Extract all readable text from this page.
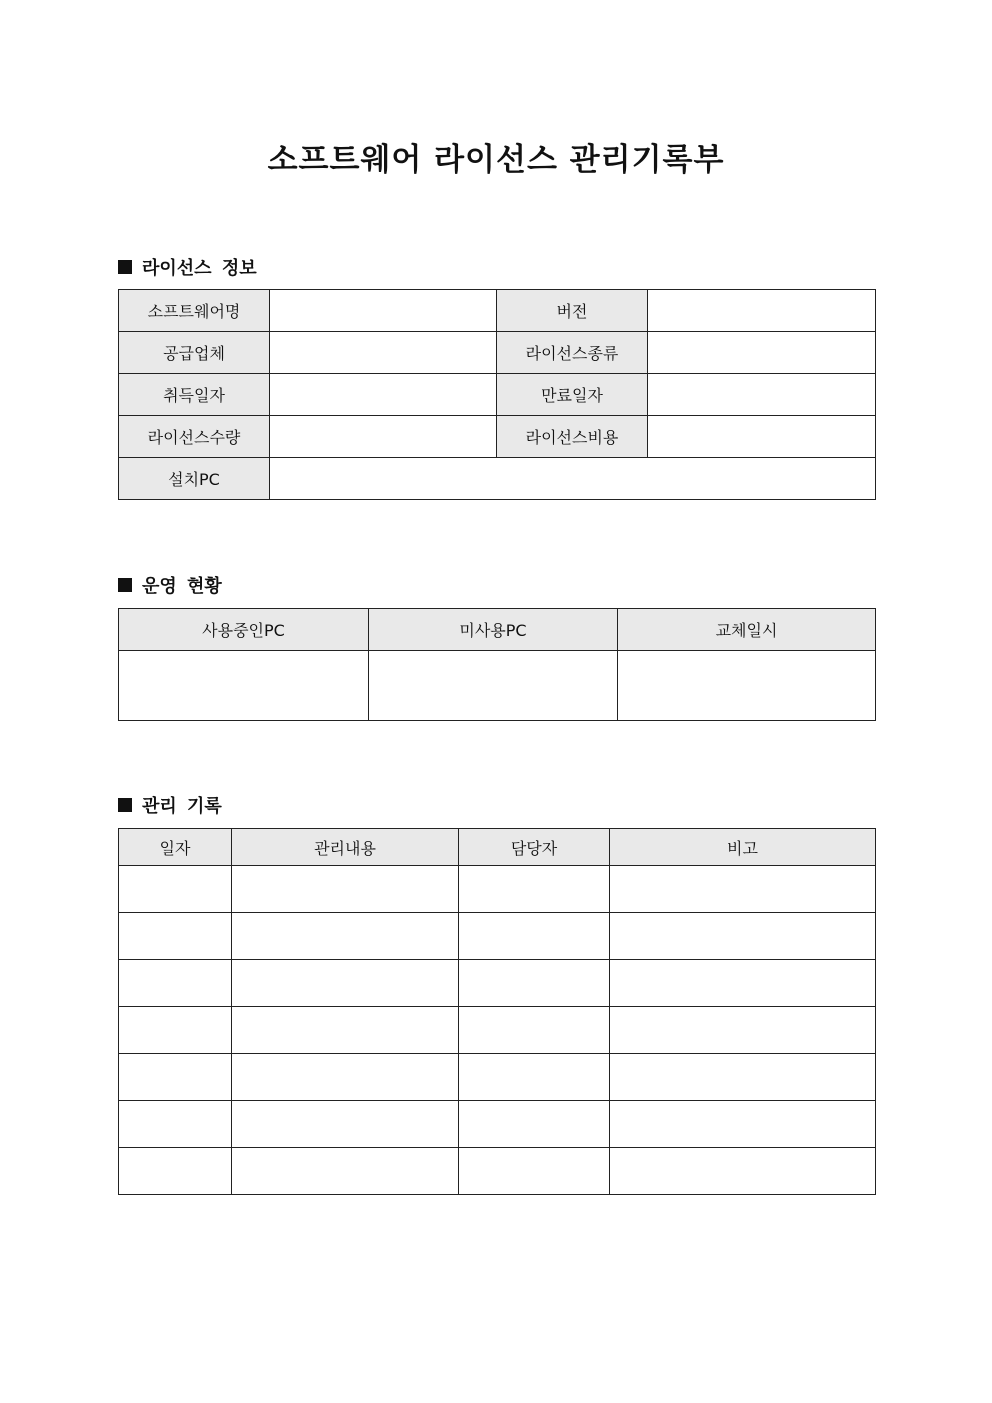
소프트웨어 라이선스 관리기록부
라이선스 정보
소프트웨어명		버전	
공급업체		라이선스종류	
취득일자		만료일자	
라이선스수량		라이선스비용	
설치PC			
운영 현황
사용중인PC	미사용PC	교체일시

관리 기록
일자	관리내용	담당자	비고
